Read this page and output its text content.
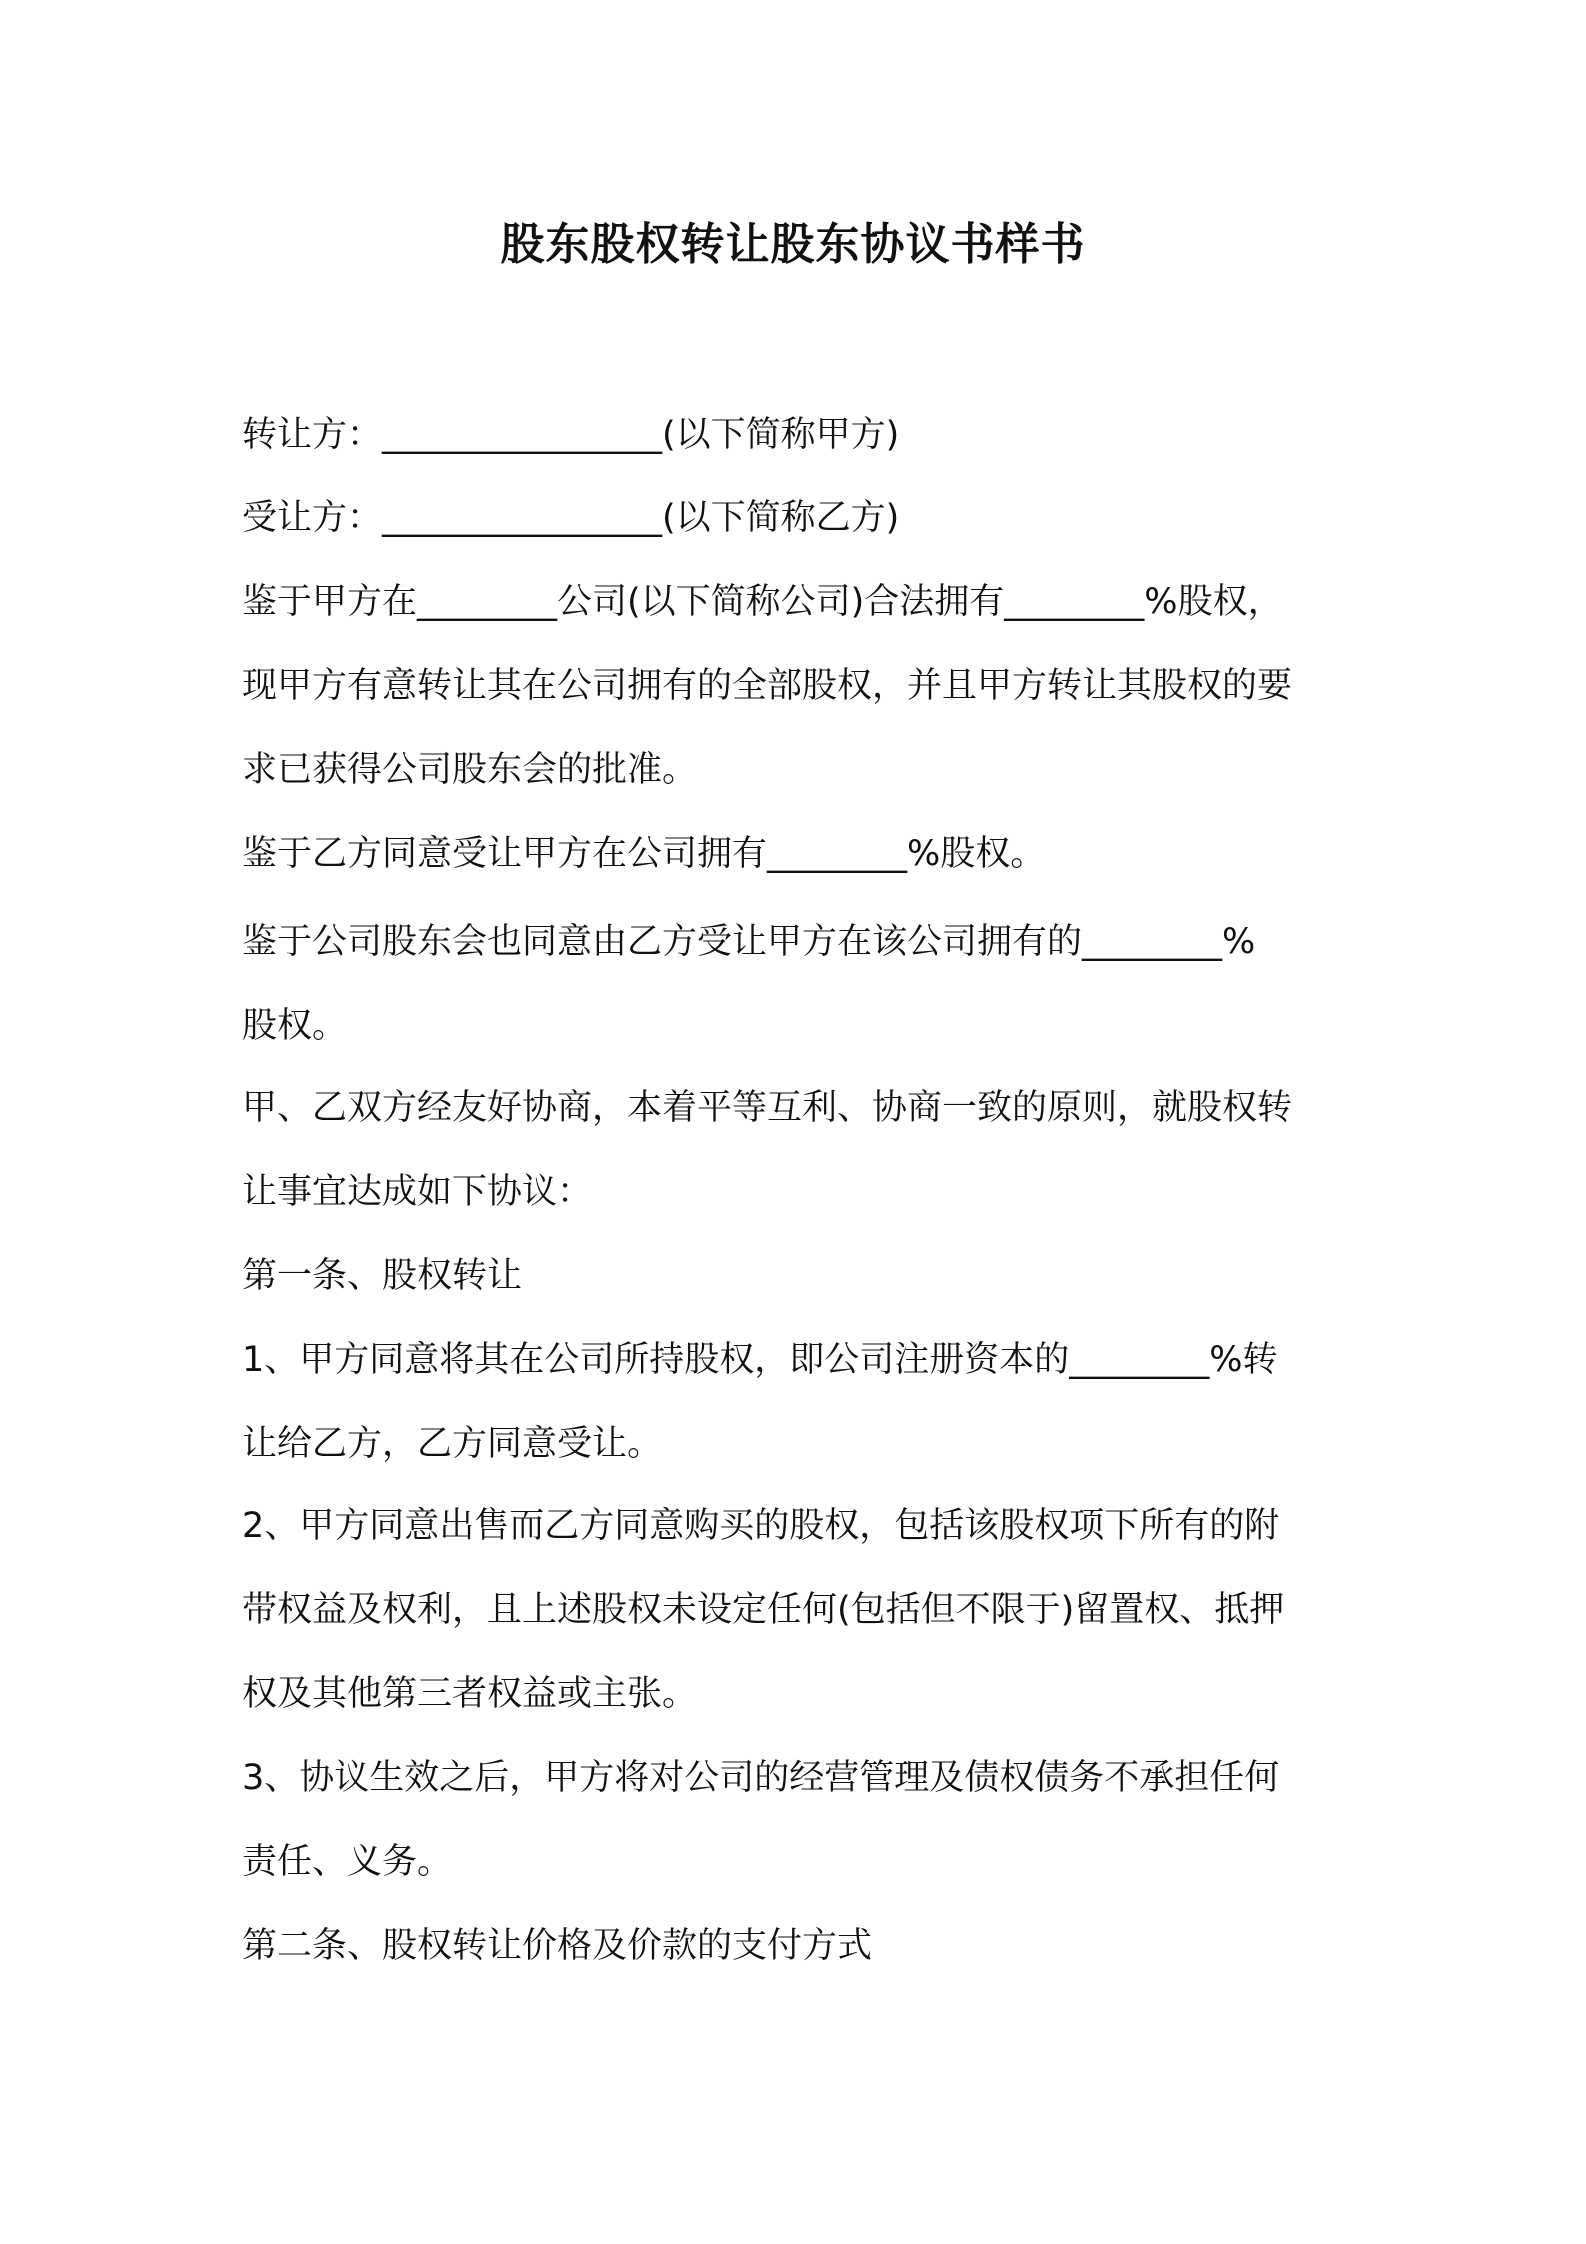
股东股权转让股东协议书样书
转让方：________________(以下简称甲方)
受让方：________________(以下简称乙方)
鉴于甲方在________公司(以下简称公司)合法拥有________%股权，
现甲方有意转让其在公司拥有的全部股权，并且甲方转让其股权的要
求已获得公司股东会的批准。
鉴于乙方同意受让甲方在公司拥有________%股权。
鉴于公司股东会也同意由乙方受让甲方在该公司拥有的________%
股权。
甲、乙双方经友好协商，本着平等互利、协商一致的原则，就股权转
让事宜达成如下协议：
第一条、股权转让
1、甲方同意将其在公司所持股权，即公司注册资本的________%转
让给乙方，乙方同意受让。
2、甲方同意出售而乙方同意购买的股权，包括该股权项下所有的附
带权益及权利，且上述股权未设定任何(包括但不限于)留置权、抵押
权及其他第三者权益或主张。
3、协议生效之后，甲方将对公司的经营管理及债权债务不承担任何
责任、义务。
第二条、股权转让价格及价款的支付方式
